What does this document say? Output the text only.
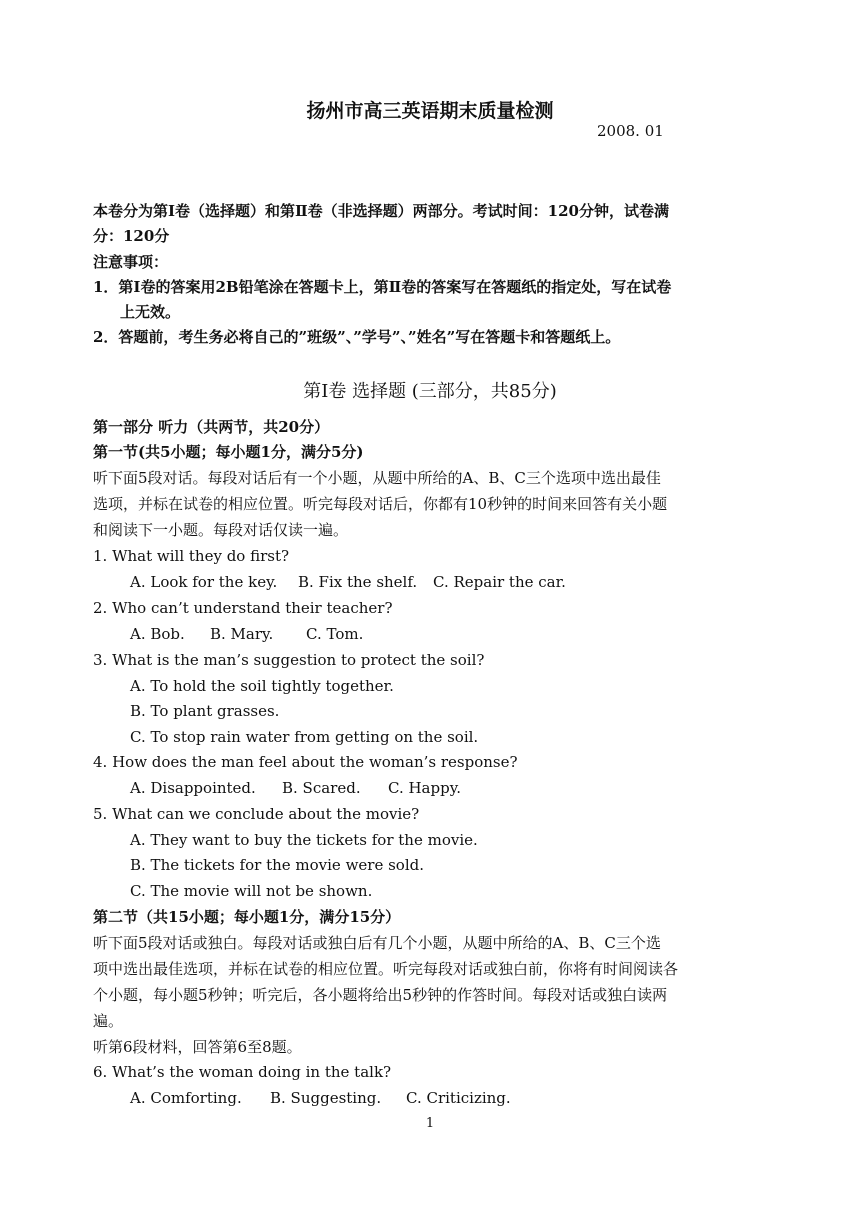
扬州市高三英语期末质量检测
2008. 01
本卷分为第Ⅰ卷（选择题）和第Ⅱ卷（非选择题）两部分。考试时间：120分钟，试卷满
分：120分
注意事项：
1．第Ⅰ卷的答案用2B铅笔涂在答题卡上，第Ⅱ卷的答案写在答题纸的指定处，写在试卷
上无效。
2．答题前，考生务必将自己的”班级”、”学号”、”姓名”写在答题卡和答题纸上。
第Ⅰ卷 选择题 (三部分，共85分)
第一部分 听力（共两节，共20分）
第一节(共5小题；每小题1分，满分5分)
听下面5段对话。每段对话后有一个小题，从题中所给的A、B、C三个选项中选出最佳
选项，并标在试卷的相应位置。听完每段对话后，你都有10秒钟的时间来回答有关小题
和阅读下一小题。每段对话仅读一遍。
1. What will they do first?
A. Look for the key. B. Fix the shelf. C. Repair the car.
2. Who can’t understand their teacher?
A. Bob. B. Mary. C. Tom.
3. What is the man’s suggestion to protect the soil?
A. To hold the soil tightly together.
B. To plant grasses.
C. To stop rain water from getting on the soil.
4. How does the man feel about the woman’s response?
A. Disappointed. B. Scared. C. Happy.
5. What can we conclude about the movie?
A. They want to buy the tickets for the movie.
B. The tickets for the movie were sold.
C. The movie will not be shown.
第二节（共15小题；每小题1分，满分15分）
听下面5段对话或独白。每段对话或独白后有几个小题，从题中所给的A、B、C三个选
项中选出最佳选项，并标在试卷的相应位置。听完每段对话或独白前，你将有时间阅读各
个小题，每小题5秒钟；听完后，各小题将给出5秒钟的作答时间。每段对话或独白读两
遍。
听第6段材料，回答第6至8题。
6. What’s the woman doing in the talk?
A. Comforting. B. Suggesting. C. Criticizing.
1
